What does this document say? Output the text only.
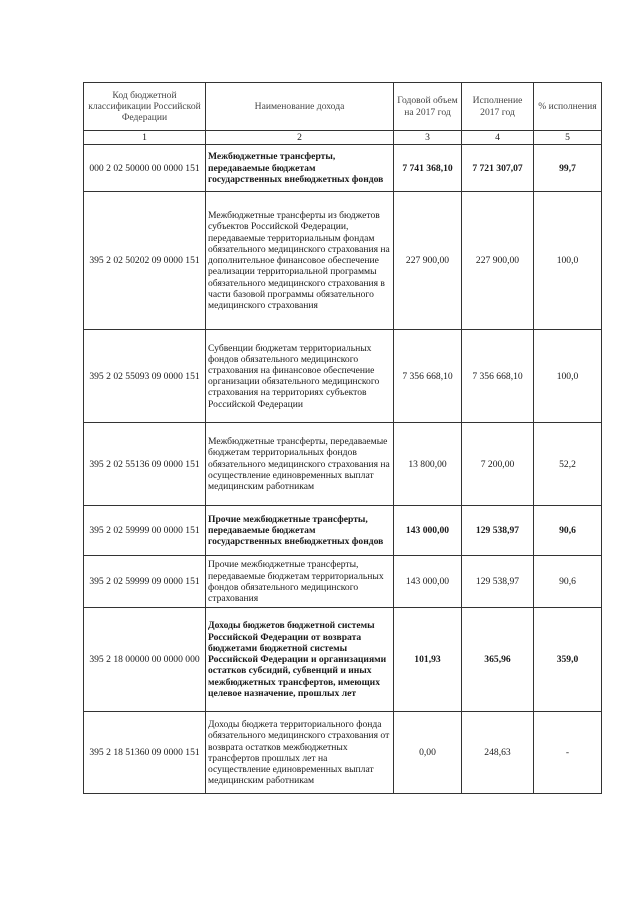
Код бюджетной классификации Российской Федерации	Наименование дохода	Годовой объем на 2017 год	Исполнение 2017 год	% исполнения
1	2	3	4	5
000 2 02 50000 00 0000 151	Межбюджетные трансферты, передаваемые бюджетам государственных внебюджетных фондов	7 741 368,10	7 721 307,07	99,7
395 2 02 50202 09 0000 151	Межбюджетные трансферты из бюджетов субъектов Российской Федерации, передаваемые территориальным фондам обязательного медицинского страхования на дополнительное финансовое обеспечение реализации территориальной программы обязательного медицинского страхования в части базовой программы обязательного медицинского страхования	227 900,00	227 900,00	100,0
395 2 02 55093 09 0000 151	Субвенции бюджетам территориальных фондов обязательного медицинского страхования на финансовое обеспечение организации обязательного медицинского страхования на территориях субъектов Российской Федерации	7 356 668,10	7 356 668,10	100,0
395 2 02 55136 09 0000 151	Межбюджетные трансферты, передаваемые бюджетам территориальных фондов обязательного медицинского страхования на осуществление единовременных выплат медицинским работникам	13 800,00	7 200,00	52,2
395 2 02 59999 00 0000 151	Прочие межбюджетные трансферты, передаваемые бюджетам государственных внебюджетных фондов	143 000,00	129 538,97	90,6
395 2 02 59999 09 0000 151	Прочие межбюджетные трансферты, передаваемые бюджетам территориальных фондов обязательного медицинского страхования	143 000,00	129 538,97	90,6
395 2 18 00000 00 0000 000	Доходы бюджетов бюджетной системы Российской Федерации от возврата бюджетами бюджетной системы Российской Федерации и организациями остатков субсидий, субвенций и иных межбюджетных трансфертов, имеющих целевое назначение, прошлых лет	101,93	365,96	359,0
395 2 18 51360 09 0000 151	Доходы бюджета территориального фонда обязательного медицинского страхования от возврата остатков межбюджетных трансфертов прошлых лет на осуществление единовременных выплат медицинским работникам	0,00	248,63	-
